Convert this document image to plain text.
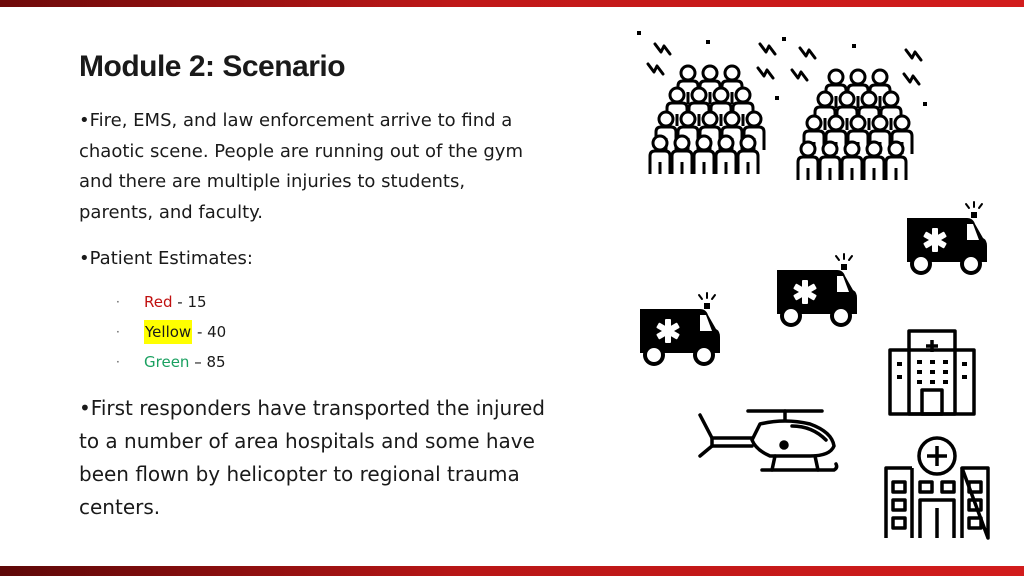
Module 2: Scenario
•Fire, EMS, and law enforcement arrive to find a chaotic scene. People are running out of the gym and there are multiple injuries to students, parents, and faculty.
•Patient Estimates:
·	Red - 15
·	Yellow - 40
·	Green – 85
•First responders have transported the injured to a number of area hospitals and some have been flown by helicopter to regional trauma centers.
